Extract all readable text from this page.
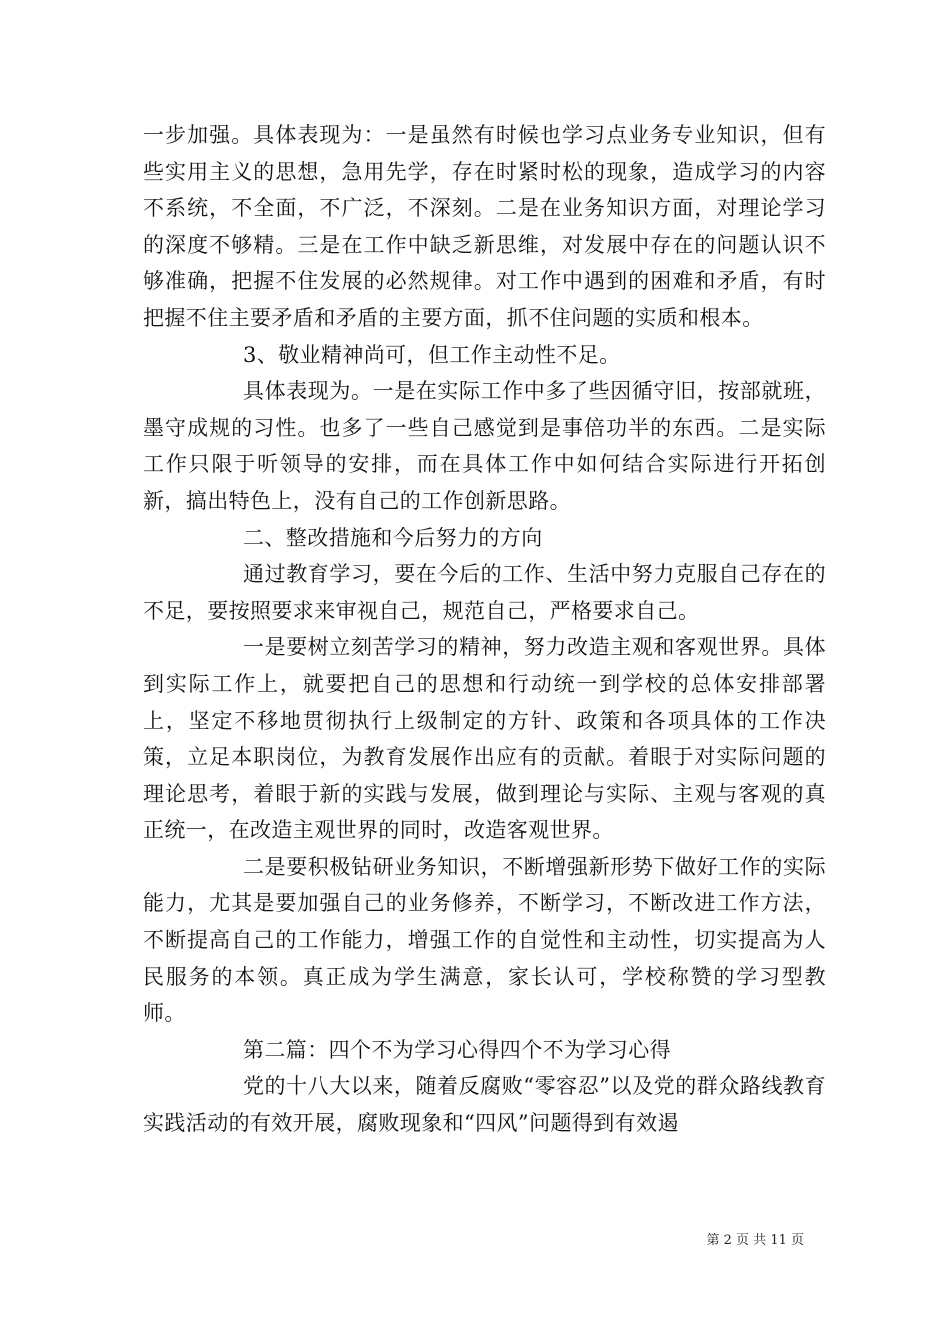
一步加强。具体表现为：一是虽然有时候也学习点业务专业知识，但有些实用主义的思想，急用先学，存在时紧时松的现象，造成学习的内容不系统，不全面，不广泛，不深刻。二是在业务知识方面，对理论学习的深度不够精。三是在工作中缺乏新思维，对发展中存在的问题认识不够准确，把握不住发展的必然规律。对工作中遇到的困难和矛盾，有时把握不住主要矛盾和矛盾的主要方面，抓不住问题的实质和根本。

3、敬业精神尚可，但工作主动性不足。

具体表现为。一是在实际工作中多了些因循守旧，按部就班，墨守成规的习性。也多了一些自己感觉到是事倍功半的东西。二是实际工作只限于听领导的安排，而在具体工作中如何结合实际进行开拓创新，搞出特色上，没有自己的工作创新思路。

二、整改措施和今后努力的方向

通过教育学习，要在今后的工作、生活中努力克服自己存在的不足，要按照要求来审视自己，规范自己，严格要求自己。

一是要树立刻苦学习的精神，努力改造主观和客观世界。具体到实际工作上，就要把自己的思想和行动统一到学校的总体安排部署上，坚定不移地贯彻执行上级制定的方针、政策和各项具体的工作决策，立足本职岗位，为教育发展作出应有的贡献。着眼于对实际问题的理论思考，着眼于新的实践与发展，做到理论与实际、主观与客观的真正统一，在改造主观世界的同时，改造客观世界。

二是要积极钻研业务知识，不断增强新形势下做好工作的实际能力，尤其是要加强自己的业务修养，不断学习，不断改进工作方法，不断提高自己的工作能力，增强工作的自觉性和主动性，切实提高为人民服务的本领。真正成为学生满意，家长认可，学校称赞的学习型教师。

第二篇：四个不为学习心得四个不为学习心得

党的十八大以来，随着反腐败“零容忍”以及党的群众路线教育实践活动的有效开展，腐败现象和“四风”问题得到有效遏

第 2 页 共 11 页
